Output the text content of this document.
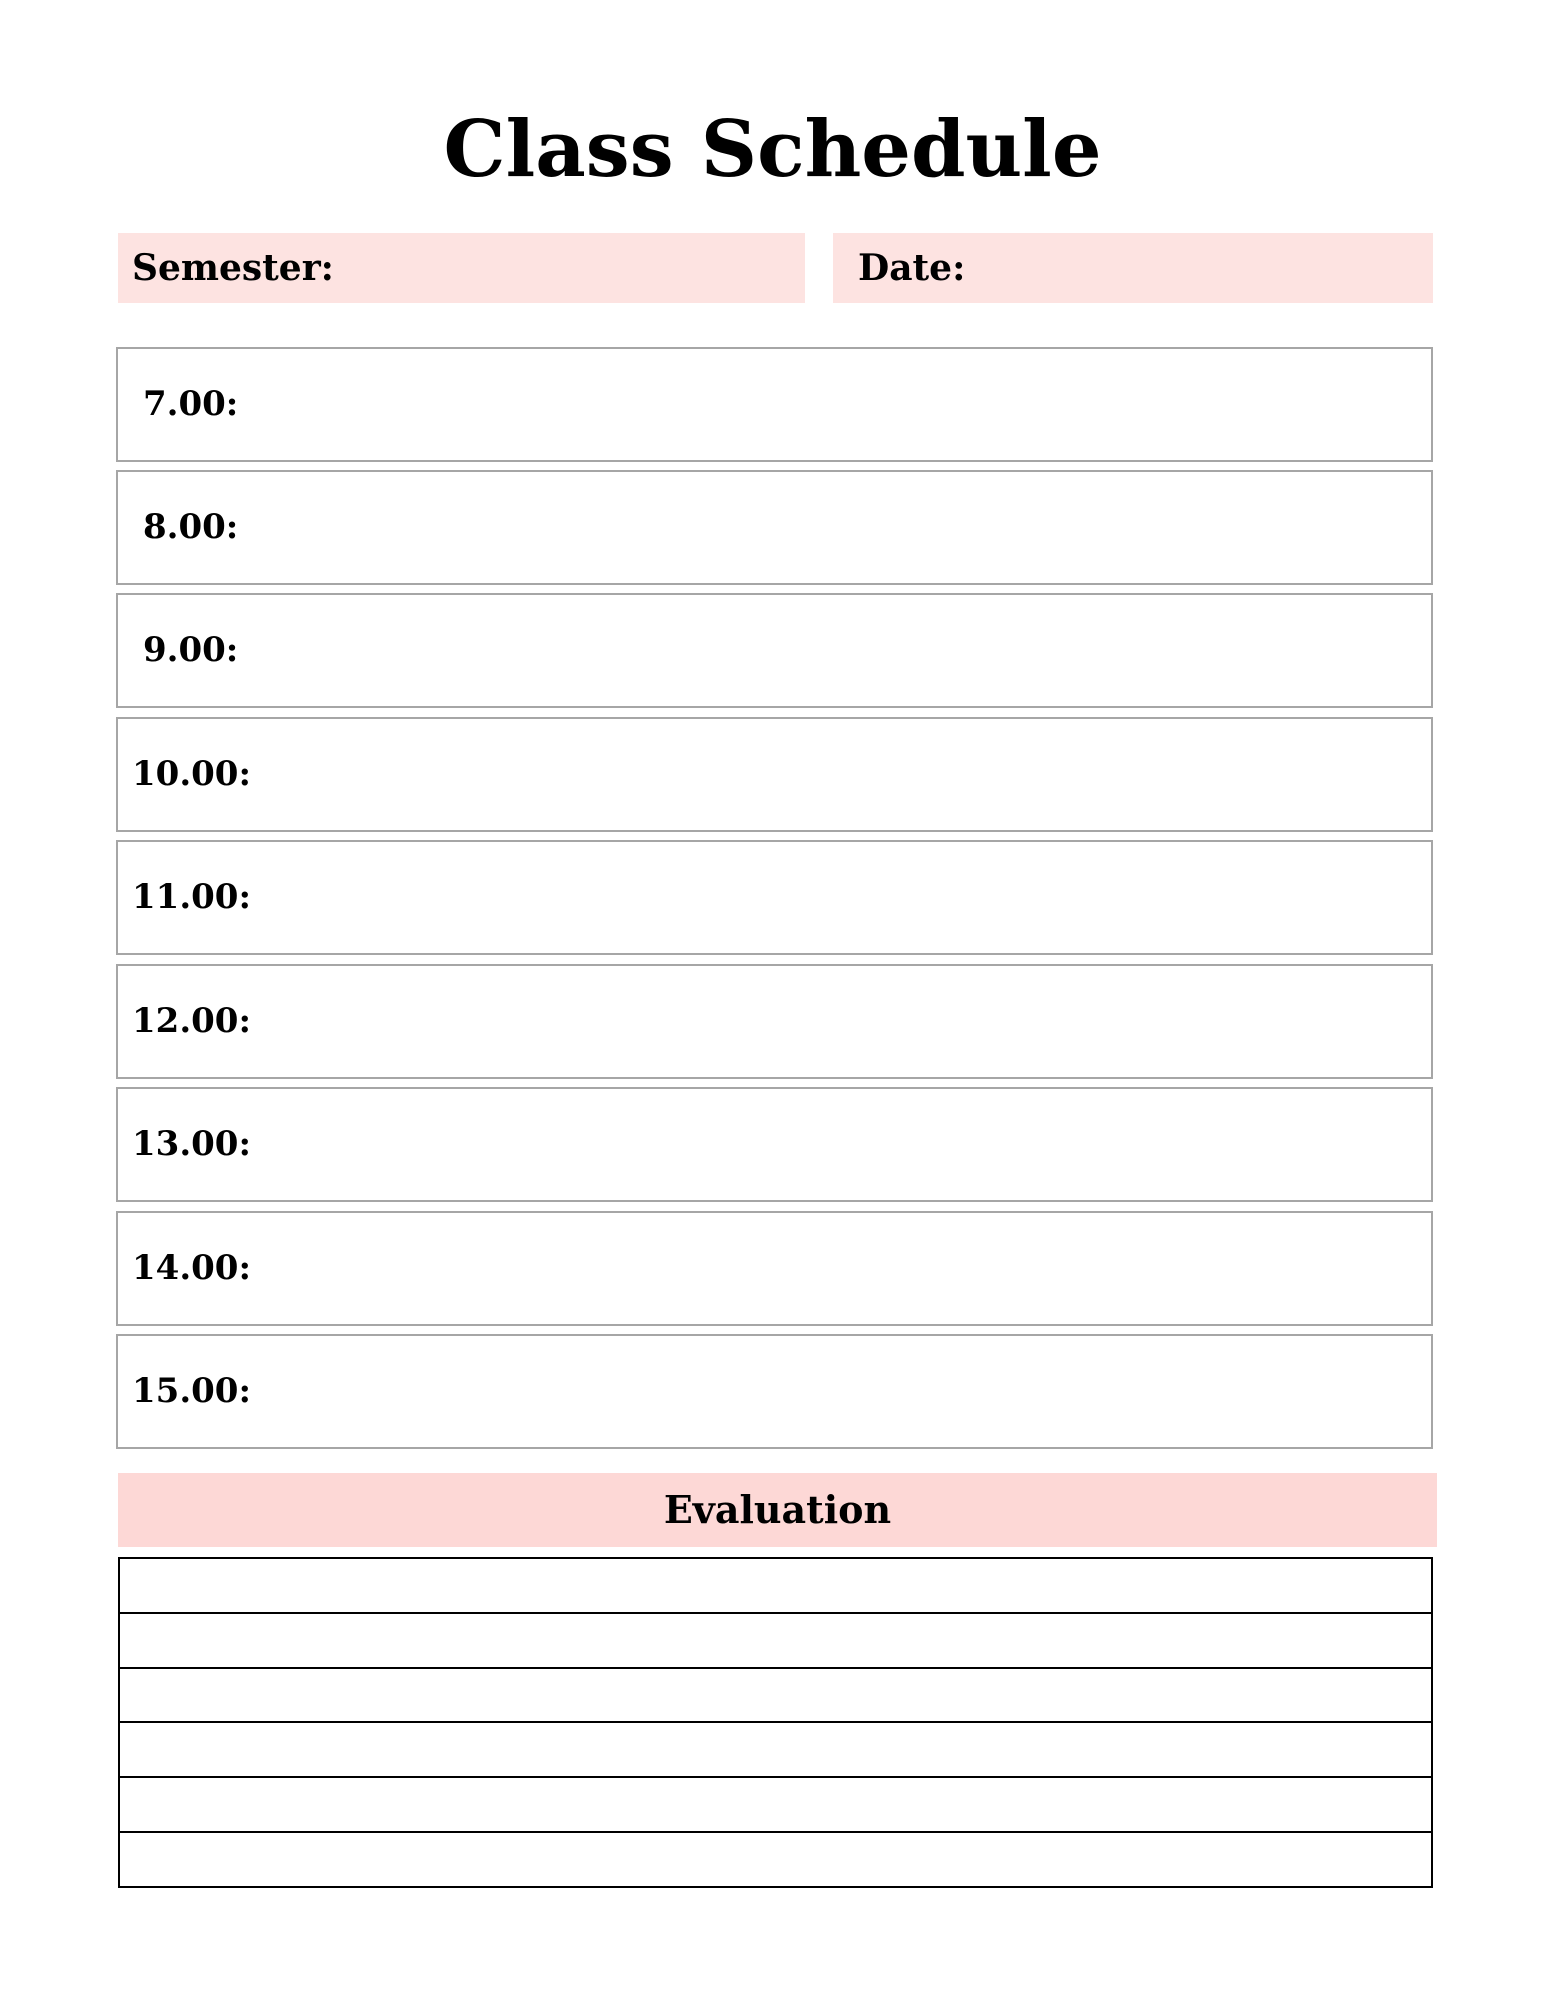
Class Schedule
Semester:	Date:
7.00:
8.00:
9.00:
10.00:
11.00:
12.00:
13.00:
14.00:
15.00:
Evaluation
